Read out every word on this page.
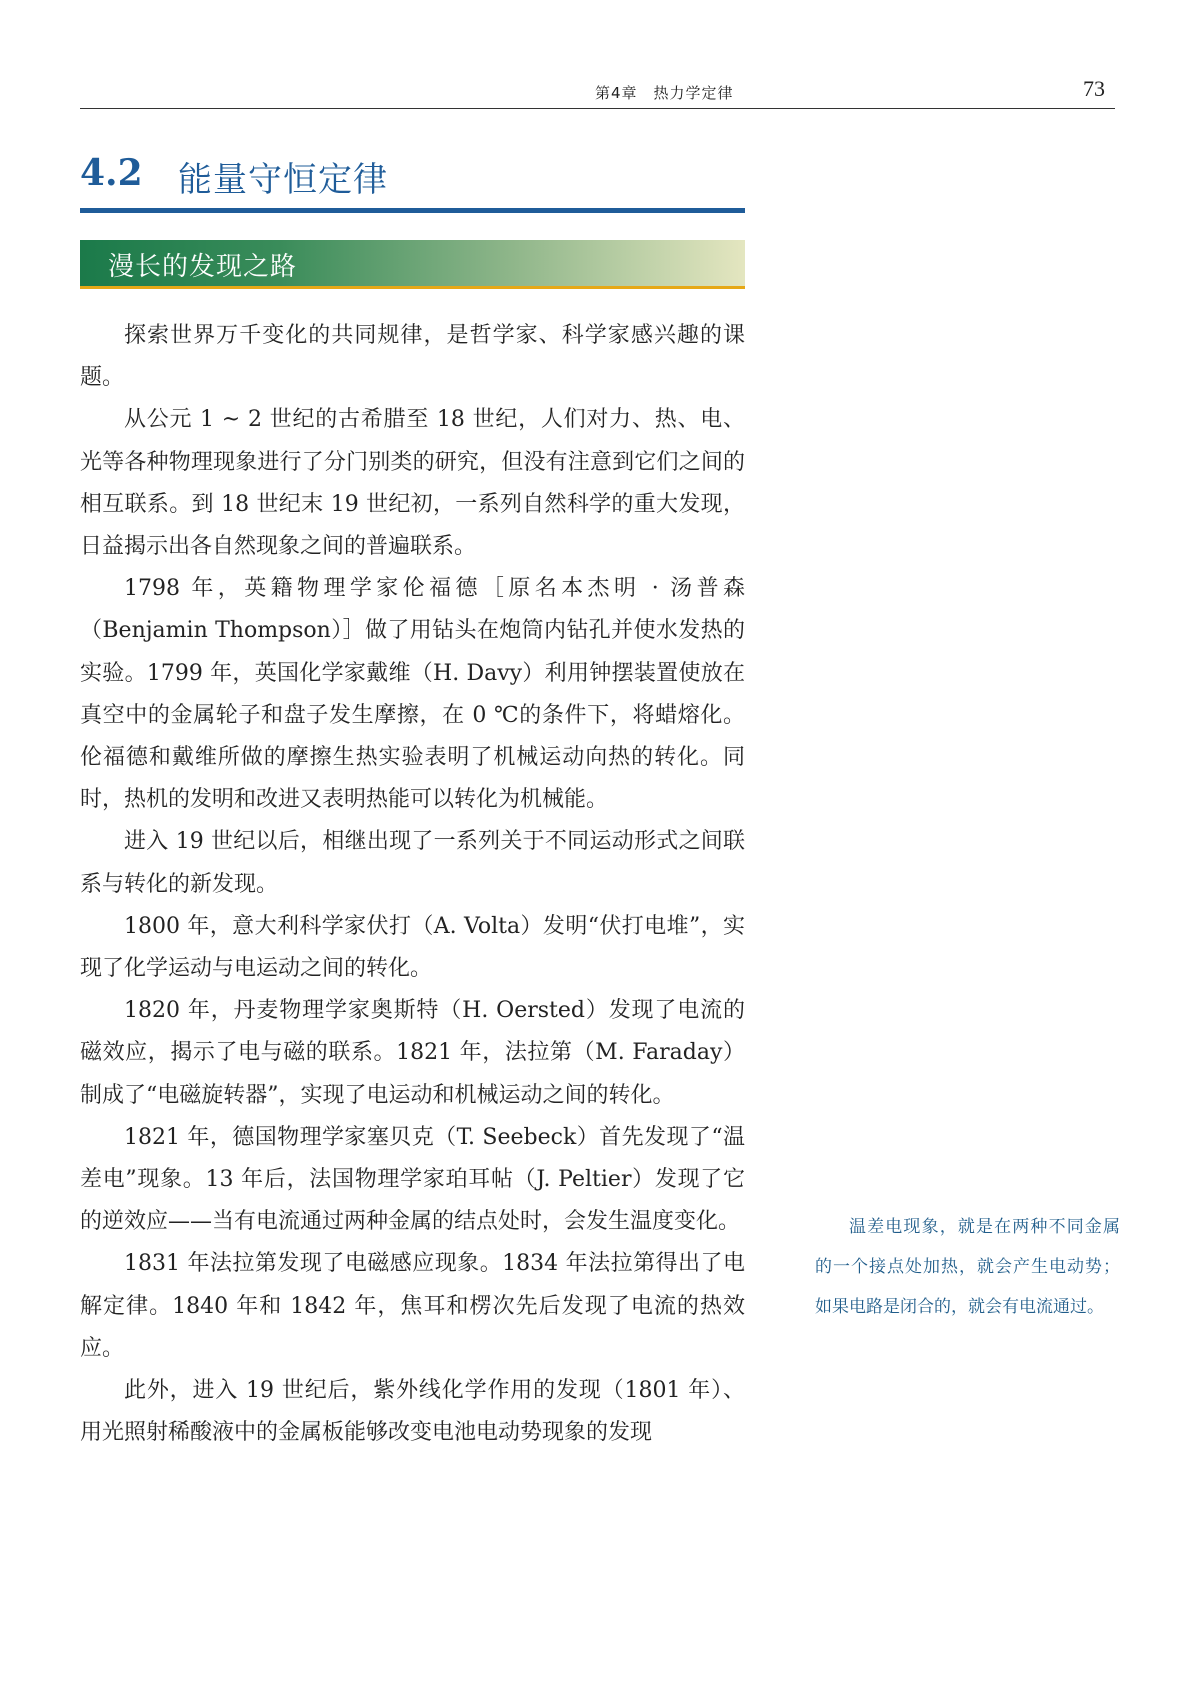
第4章　热力学定律	73
4.2 能量守恒定律
漫长的发现之路

探索世界万千变化的共同规律，是哲学家、科学家感兴趣的课题。

从公元 1 ~ 2 世纪的古希腊至 18 世纪，人们对力、热、电、光等各种物理现象进行了分门别类的研究，但没有注意到它们之间的相互联系。到 18 世纪末 19 世纪初，一系列自然科学的重大发现，日益揭示出各自然现象之间的普遍联系。

1798 年，英籍物理学家伦福德［原名本杰明 · 汤普森（Benjamin Thompson）］做了用钻头在炮筒内钻孔并使水发热的实验。1799 年，英国化学家戴维（H. Davy）利用钟摆装置使放在真空中的金属轮子和盘子发生摩擦，在 0 ℃的条件下，将蜡熔化。伦福德和戴维所做的摩擦生热实验表明了机械运动向热的转化。同时，热机的发明和改进又表明热能可以转化为机械能。

进入 19 世纪以后，相继出现了一系列关于不同运动形式之间联系与转化的新发现。

1800 年，意大利科学家伏打（A. Volta）发明“伏打电堆”，实现了化学运动与电运动之间的转化。

1820 年，丹麦物理学家奥斯特（H. Oersted）发现了电流的磁效应，揭示了电与磁的联系。1821 年，法拉第（M. Faraday）制成了“电磁旋转器”，实现了电运动和机械运动之间的转化。

1821 年，德国物理学家塞贝克（T. Seebeck）首先发现了“温差电”现象。13 年后，法国物理学家珀耳帖（J. Peltier）发现了它的逆效应——当有电流通过两种金属的结点处时，会发生温度变化。

1831 年法拉第发现了电磁感应现象。1834 年法拉第得出了电解定律。1840 年和 1842 年，焦耳和楞次先后发现了电流的热效应。

此外，进入 19 世纪后，紫外线化学作用的发现（1801 年）、用光照射稀酸液中的金属板能够改变电池电动势现象的发现

温差电现象，就是在两种不同金属的一个接点处加热，就会产生电动势；如果电路是闭合的，就会有电流通过。
